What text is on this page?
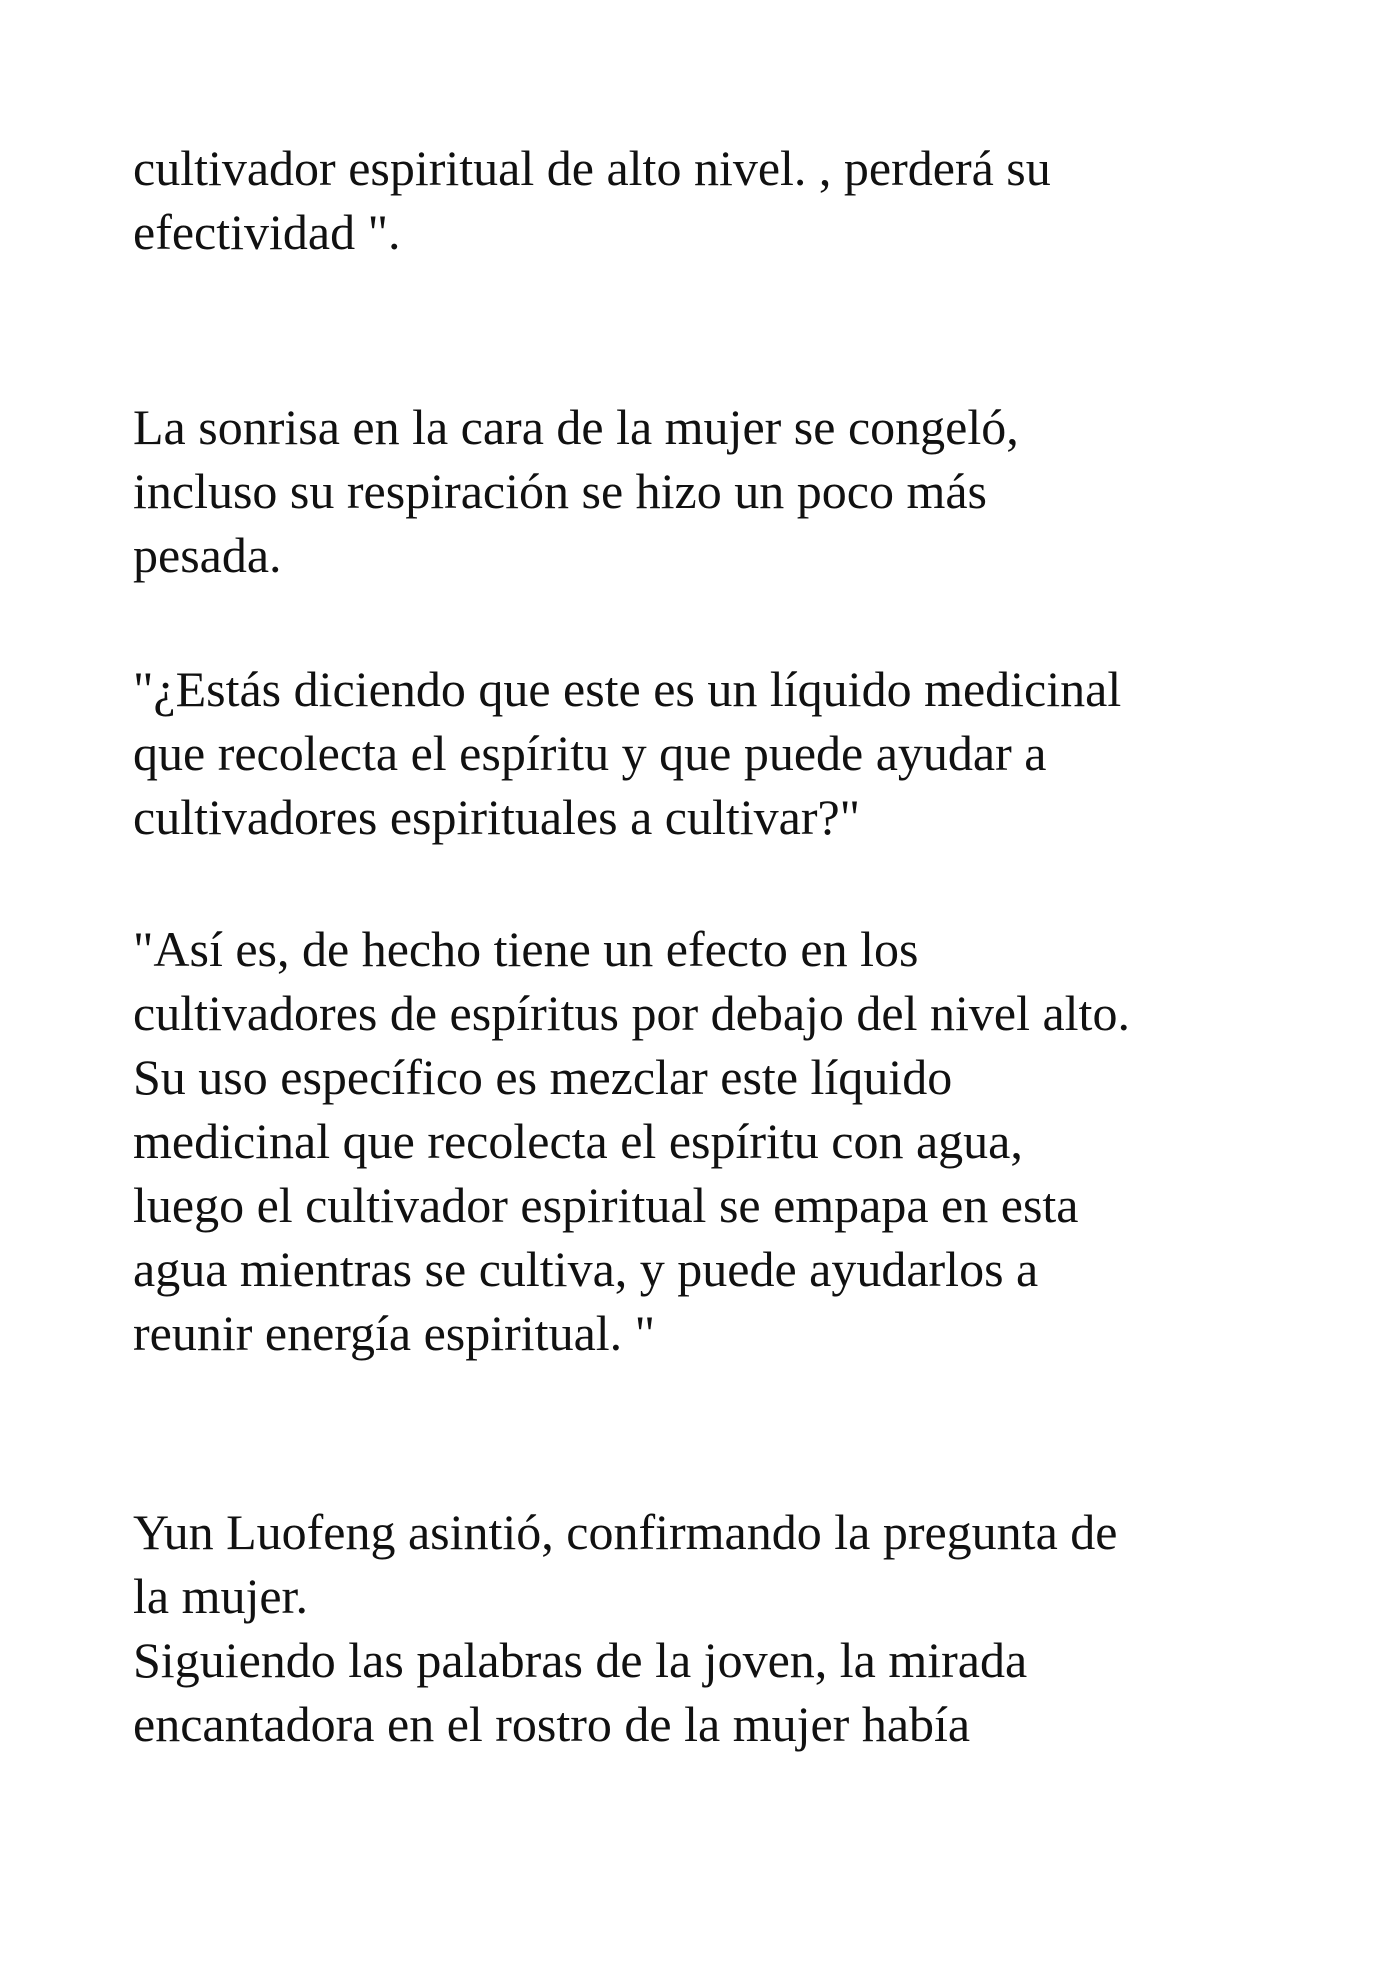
cultivador espiritual de alto nivel. , perderá su
efectividad ".
La sonrisa en la cara de la mujer se congeló,
incluso su respiración se hizo un poco más
pesada.
"¿Estás diciendo que este es un líquido medicinal
que recolecta el espíritu y que puede ayudar a
cultivadores espirituales a cultivar?"
"Así es, de hecho tiene un efecto en los
cultivadores de espíritus por debajo del nivel alto.
Su uso específico es mezclar este líquido
medicinal que recolecta el espíritu con agua,
luego el cultivador espiritual se empapa en esta
agua mientras se cultiva, y puede ayudarlos a
reunir energía espiritual. "
Yun Luofeng asintió, confirmando la pregunta de
la mujer.
Siguiendo las palabras de la joven, la mirada
encantadora en el rostro de la mujer había
